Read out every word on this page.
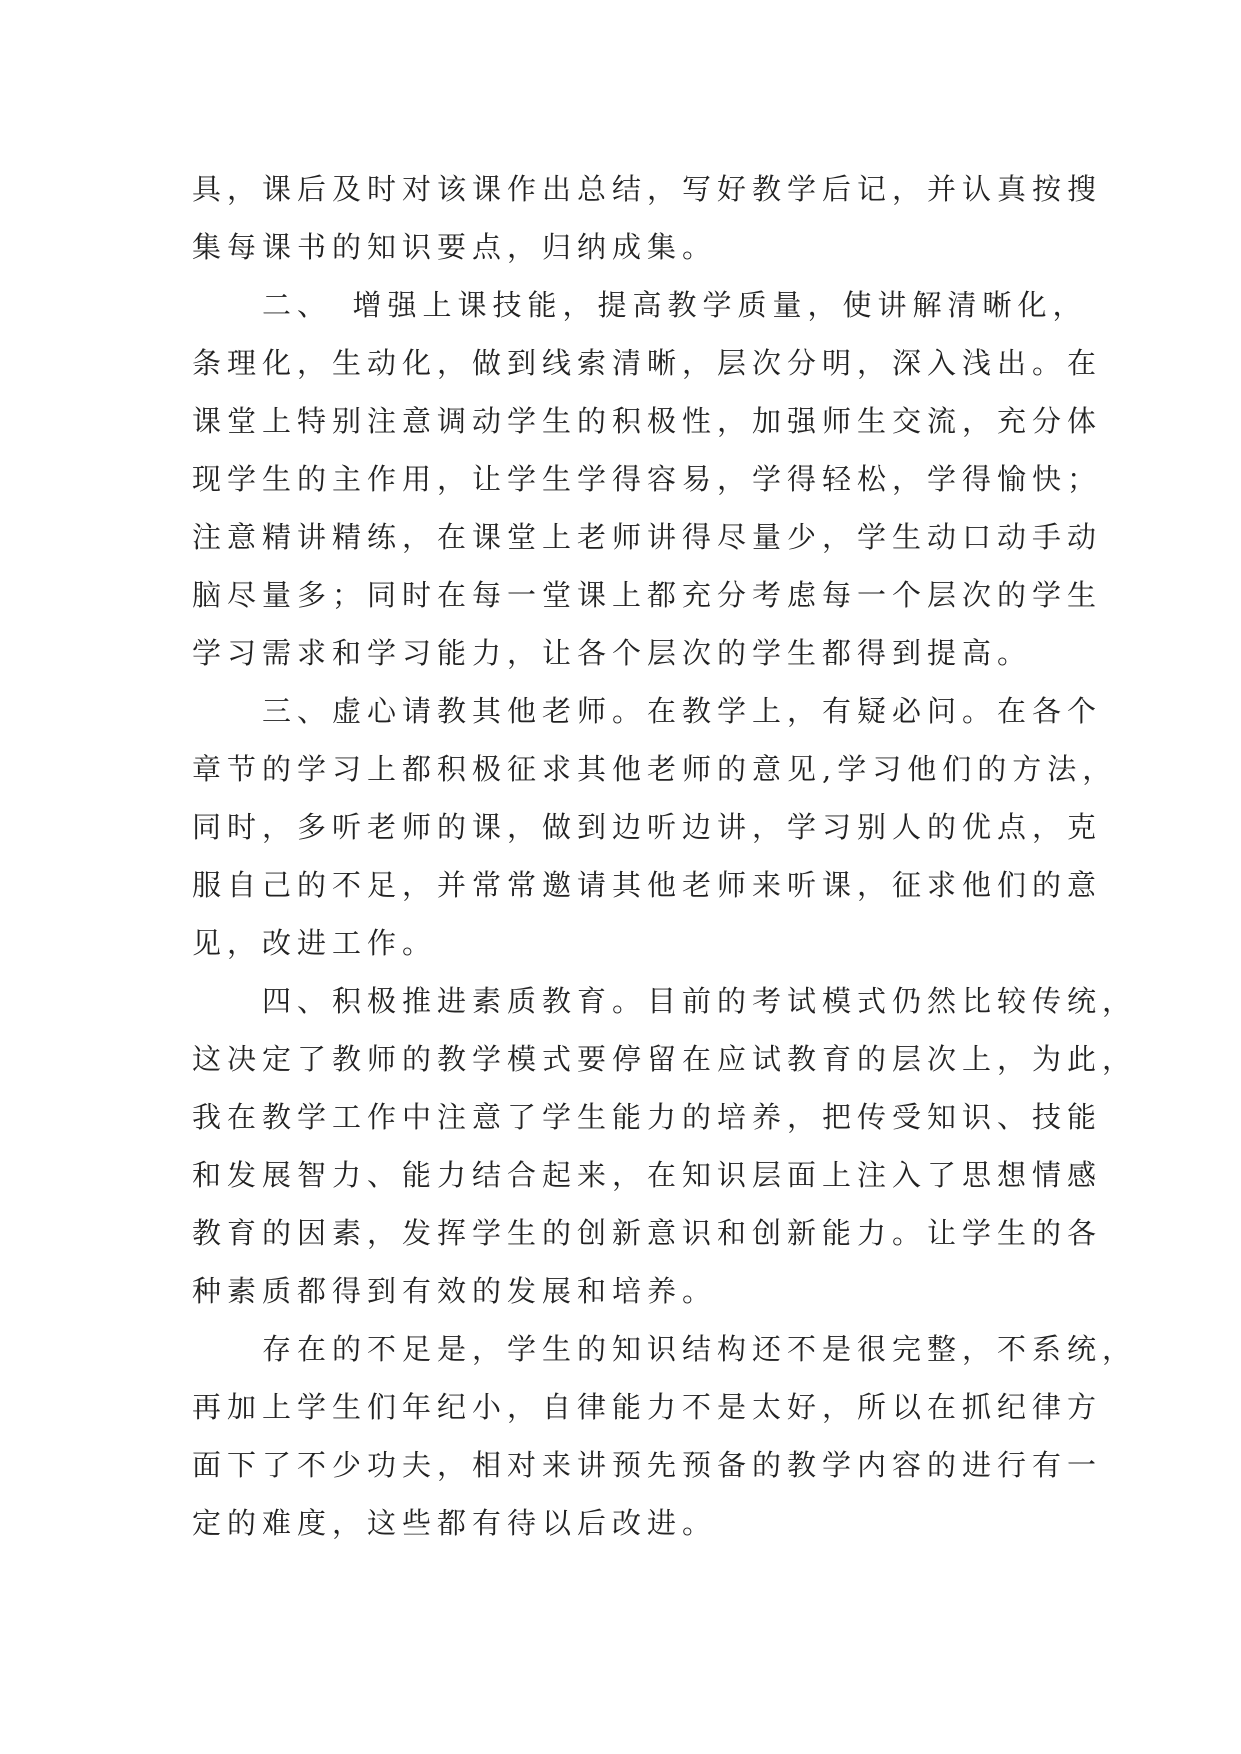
具，课后及时对该课作出总结，写好教学后记，并认真按搜
集每课书的知识要点，归纳成集。

　　二、　增强上课技能，提高教学质量，使讲解清晰化，
条理化，生动化，做到线索清晰，层次分明，深入浅出。在
课堂上特别注意调动学生的积极性，加强师生交流，充分体
现学生的主作用，让学生学得容易，学得轻松，学得愉快；
注意精讲精练，在课堂上老师讲得尽量少，学生动口动手动
脑尽量多；同时在每一堂课上都充分考虑每一个层次的学生
学习需求和学习能力，让各个层次的学生都得到提高。

　　三、虚心请教其他老师。在教学上，有疑必问。在各个
章节的学习上都积极征求其他老师的意见,学习他们的方法，
同时，多听老师的课，做到边听边讲，学习别人的优点，克
服自己的不足，并常常邀请其他老师来听课，征求他们的意
见，改进工作。

　　四、积极推进素质教育。目前的考试模式仍然比较传统，
这决定了教师的教学模式要停留在应试教育的层次上，为此，
我在教学工作中注意了学生能力的培养，把传受知识、技能
和发展智力、能力结合起来，在知识层面上注入了思想情感
教育的因素，发挥学生的创新意识和创新能力。让学生的各
种素质都得到有效的发展和培养。

　　存在的不足是，学生的知识结构还不是很完整，不系统，
再加上学生们年纪小，自律能力不是太好，所以在抓纪律方
面下了不少功夫，相对来讲预先预备的教学内容的进行有一
定的难度，这些都有待以后改进。
